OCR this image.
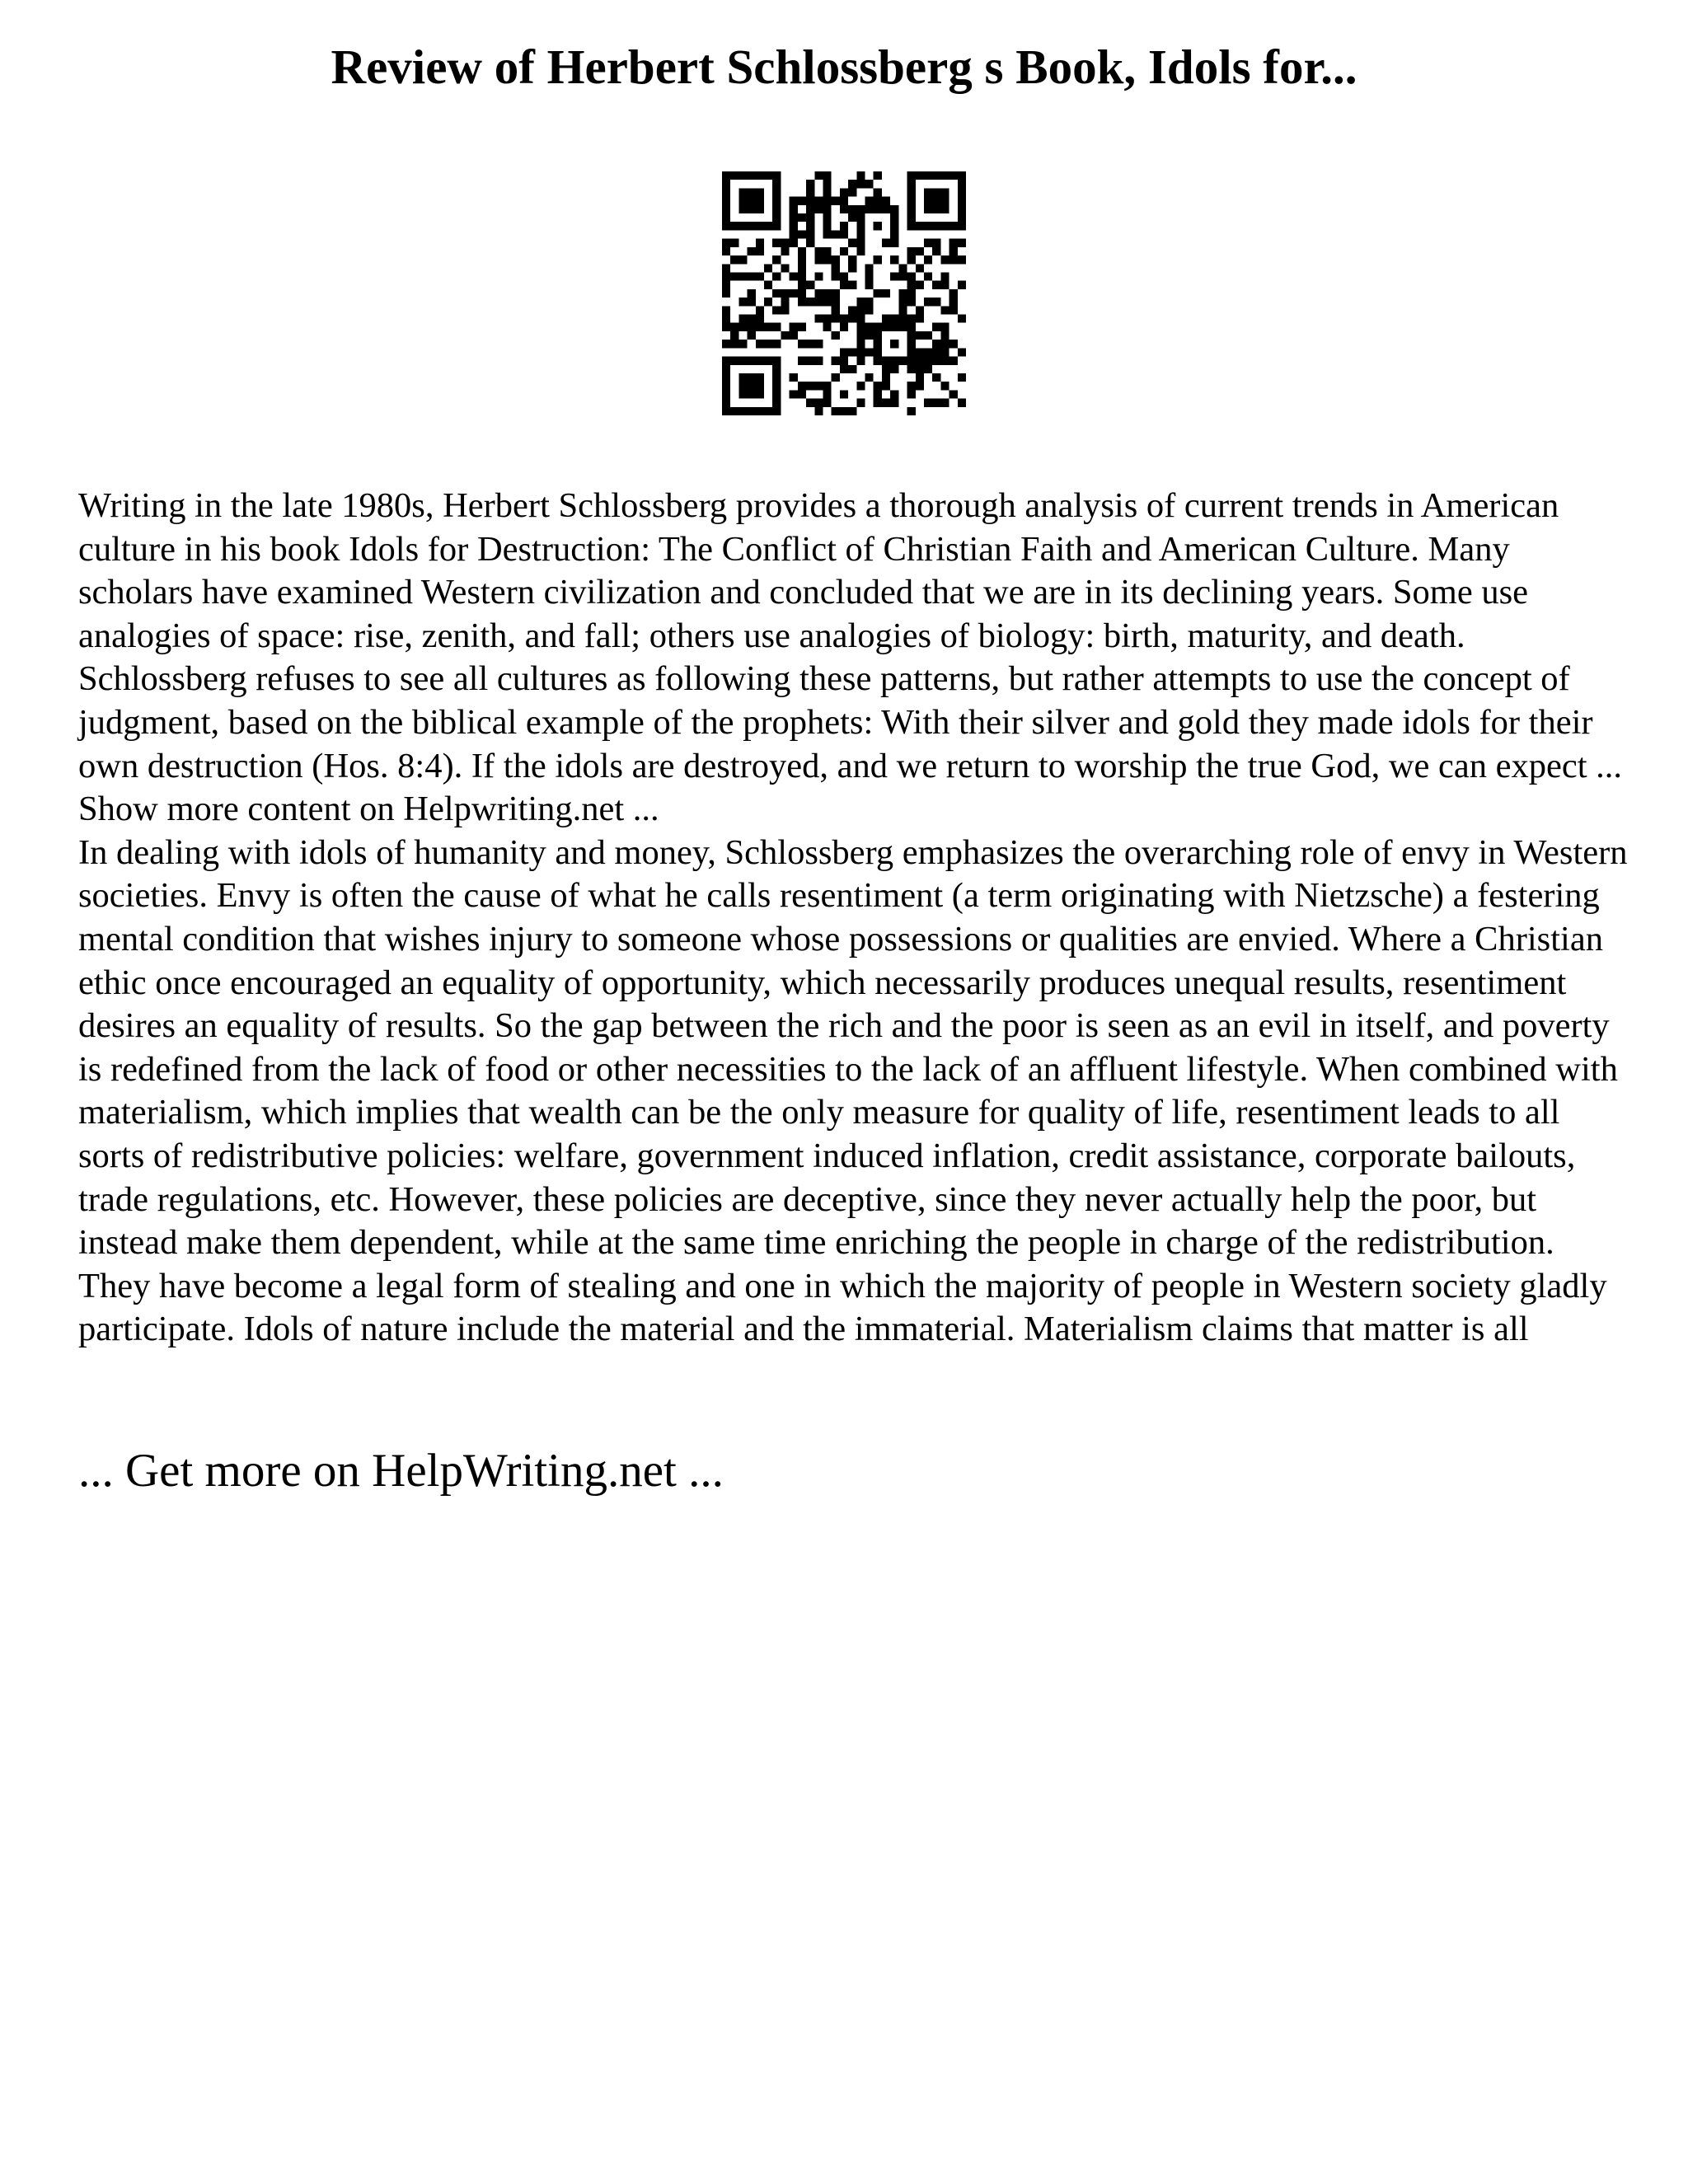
Review of Herbert Schlossberg s Book, Idols for...

Writing in the late 1980s, Herbert Schlossberg provides a thorough analysis of current trends in American culture in his book Idols for Destruction: The Conflict of Christian Faith and American Culture. Many scholars have examined Western civilization and concluded that we are in its declining years. Some use analogies of space: rise, zenith, and fall; others use analogies of biology: birth, maturity, and death. Schlossberg refuses to see all cultures as following these patterns, but rather attempts to use the concept of judgment, based on the biblical example of the prophets: With their silver and gold they made idols for their own destruction (Hos. 8:4). If the idols are destroyed, and we return to worship the true God, we can expect ... Show more content on Helpwriting.net ...

In dealing with idols of humanity and money, Schlossberg emphasizes the overarching role of envy in Western societies. Envy is often the cause of what he calls resentiment (a term originating with Nietzsche) a festering mental condition that wishes injury to someone whose possessions or qualities are envied. Where a Christian ethic once encouraged an equality of opportunity, which necessarily produces unequal results, resentiment desires an equality of results. So the gap between the rich and the poor is seen as an evil in itself, and poverty is redefined from the lack of food or other necessities to the lack of an affluent lifestyle. When combined with materialism, which implies that wealth can be the only measure for quality of life, resentiment leads to all sorts of redistributive policies: welfare, government induced inflation, credit assistance, corporate bailouts, trade regulations, etc. However, these policies are deceptive, since they never actually help the poor, but instead make them dependent, while at the same time enriching the people in charge of the redistribution. They have become a legal form of stealing and one in which the majority of people in Western society gladly participate. Idols of nature include the material and the immaterial. Materialism claims that matter is all

... Get more on HelpWriting.net ...
